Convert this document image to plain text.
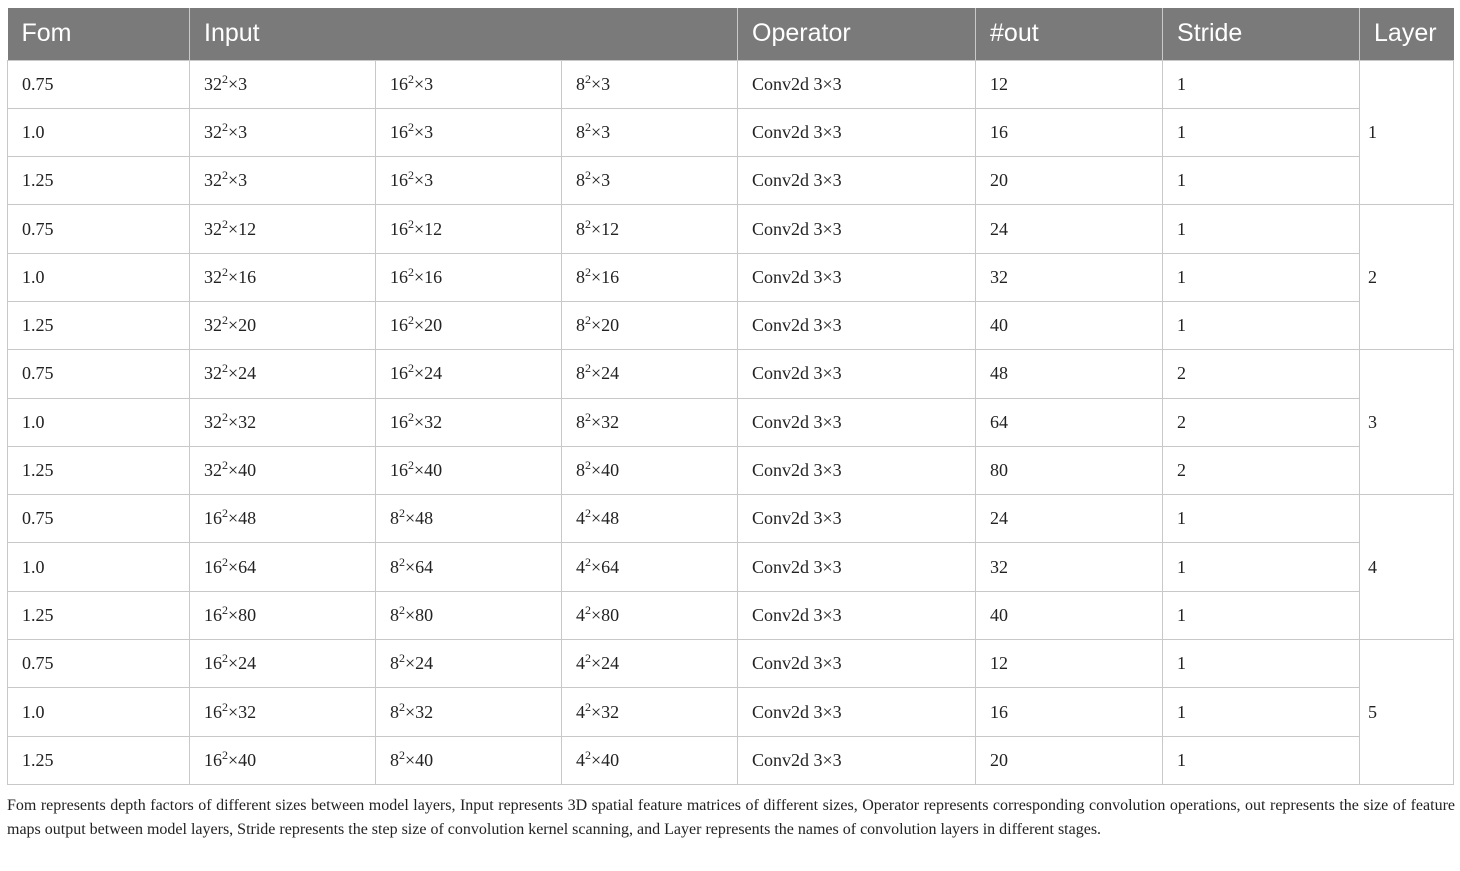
Fom	Input			Operator	#out	Stride	Layer
0.75	$32^2\times 3$	$16^2\times 3$	$8^2\times 3$	Conv2d 3×3	12	1	1
1.0	$32^2\times 3$	$16^2\times 3$	$8^2\times 3$	Conv2d 3×3	16	1	
1.25	$32^2\times 3$	$16^2\times 3$	$8^2\times 3$	Conv2d 3×3	20	1	
0.75	$32^2\times 12$	$16^2\times 12$	$8^2\times 12$	Conv2d 3×3	24	1	2
1.0	$32^2\times 16$	$16^2\times 16$	$8^2\times 16$	Conv2d 3×3	32	1	
1.25	$32^2\times 20$	$16^2\times 20$	$8^2\times 20$	Conv2d 3×3	40	1	
0.75	$32^2\times 24$	$16^2\times 24$	$8^2\times 24$	Conv2d 3×3	48	2	3
1.0	$32^2\times 32$	$16^2\times 32$	$8^2\times 32$	Conv2d 3×3	64	2	
1.25	$32^2\times 40$	$16^2\times 40$	$8^2\times 40$	Conv2d 3×3	80	2	
0.75	$16^2\times 48$	$8^2\times 48$	$4^2\times 48$	Conv2d 3×3	24	1	4
1.0	$16^2\times 64$	$8^2\times 64$	$4^2\times 64$	Conv2d 3×3	32	1	
1.25	$16^2\times 80$	$8^2\times 80$	$4^2\times 80$	Conv2d 3×3	40	1	
0.75	$16^2\times 24$	$8^2\times 24$	$4^2\times 24$	Conv2d 3×3	12	1	5
1.0	$16^2\times 32$	$8^2\times 32$	$4^2\times 32$	Conv2d 3×3	16	1	
1.25	$16^2\times 40$	$8^2\times 40$	$4^2\times 40$	Conv2d 3×3	20	1	
Fom represents depth factors of different sizes between model layers, Input represents 3D spatial feature matrices of different sizes, Operator represents corresponding convolution operations, out represents the size of feature maps output between model layers, Stride represents the step size of convolution kernel scanning, and Layer represents the names of convolution layers in different stages.
